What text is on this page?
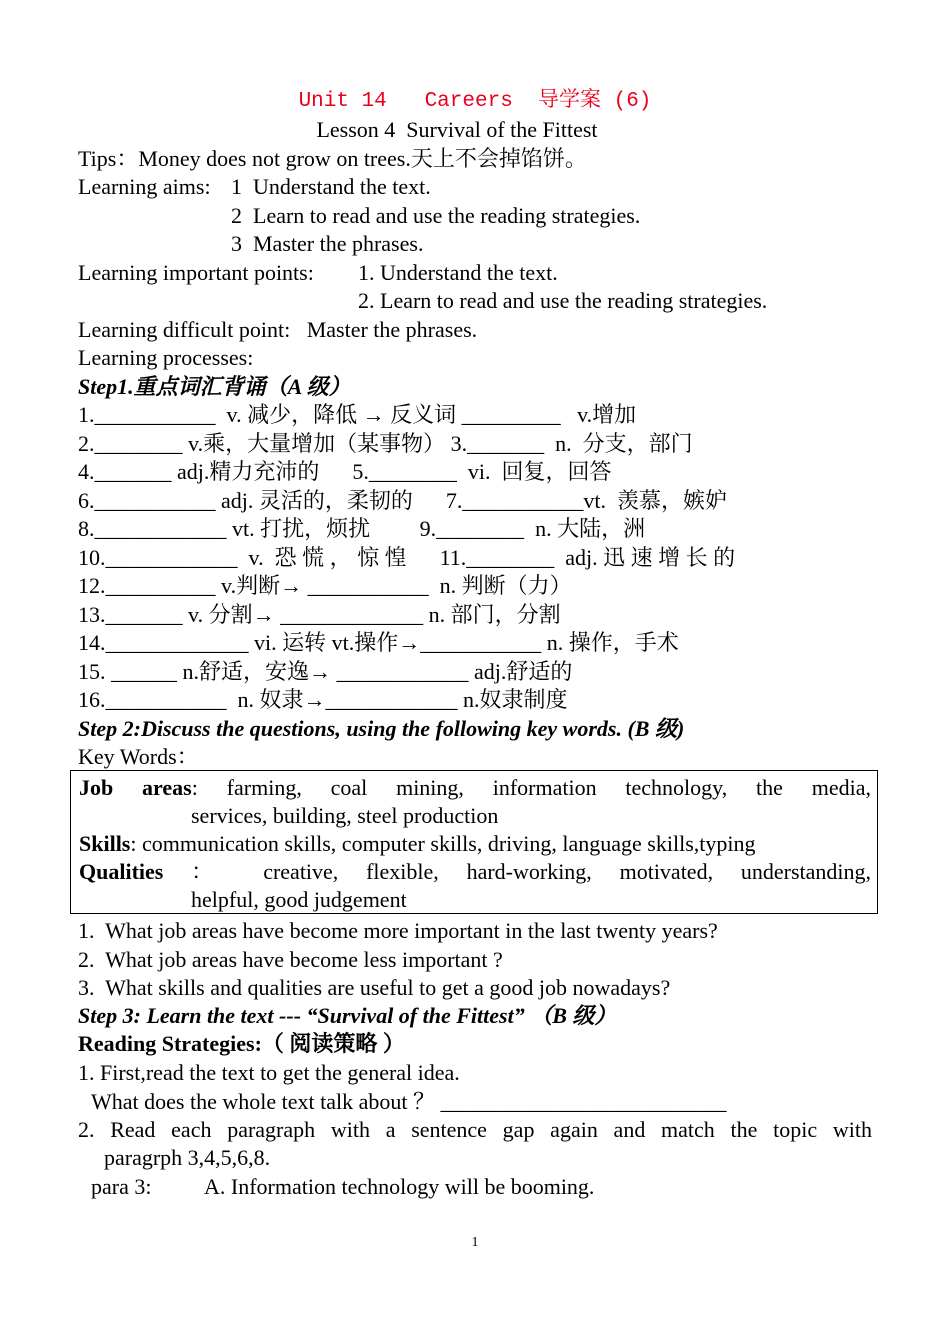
Unit 14   Careers  导学案 (6)
Lesson 4  Survival of the Fittest
Tips：Money does not grow on trees.天上不会掉馅饼。
Learning aims: 1  Understand the text.
2  Learn to read and use the reading strategies.
3  Master the phrases.
Learning important points: 1. Understand the text.
2. Learn to read and use the reading strategies.
Learning difficult point:   Master the phrases.
Learning processes:
Step1.重点词汇背诵（A 级）
1.___________  v. 减少，降低 → 反义词 _________   v.增加
2.________ v.乘，大量增加（某事物） 3._______  n.  分支，部门
4._______ adj.精力充沛的      5.________  vi.  回复，回答
6.___________ adj. 灵活的，柔韧的      7.___________vt.  羡慕，嫉妒
8.____________ vt. 打扰，烦扰         9.________  n. 大陆，洲
10.____________  v.  恐 慌 ， 惊 惶      11.________  adj. 迅 速 增 长 的
12.__________ v.判断→ ___________  n. 判断（力）
13._______ v. 分割→ _____________ n. 部门，分割
14._____________ vi. 运转 vt.操作→___________ n. 操作，手术
15. ______ n.舒适，安逸→ ____________ adj.舒适的
16.___________  n. 奴隶→____________ n.奴隶制度
Step 2:Discuss the questions, using the following key words. (B 级)
Key Words：
Job areas: farming, coal mining, information technology, the media,
services, building, steel production
Skills: communication skills, computer skills, driving, language skills,typing
Qualities ： creative, flexible, hard-working, motivated, understanding,
helpful, good judgement
1.  What job areas have become more important in the last twenty years?
2.  What job areas have become less important ?
3.  What skills and qualities are useful to get a good job nowadays?
Step 3: Learn the text --- “Survival of the Fittest” （B 级）
Reading Strategies:（ 阅读策略 ）
1. First,read the text to get the general idea.
What does the whole text talk about ？ __________________________
2. Read each paragraph with a sentence gap again and match the topic with
paragrph 3,4,5,6,8.
para 3: A. Information technology will be booming.
1
